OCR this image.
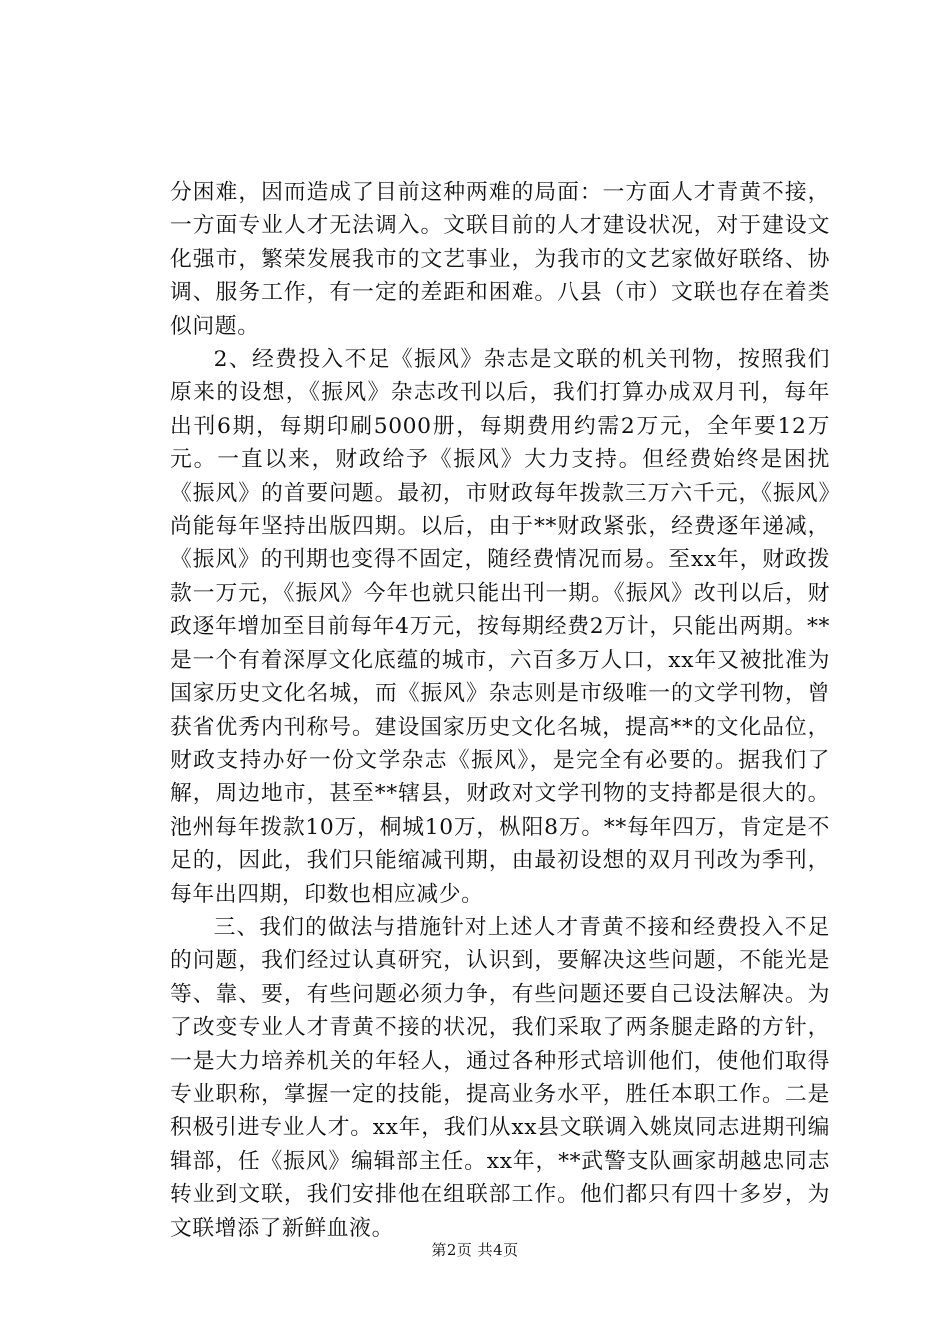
分困难，因而造成了目前这种两难的局面：一方面人才青黄不接，一方面专业人才无法调入。文联目前的人才建设状况，对于建设文化强市，繁荣发展我市的文艺事业，为我市的文艺家做好联络、协调、服务工作，有一定的差距和困难。八县（市）文联也存在着类似问题。

2、经费投入不足《振风》杂志是文联的机关刊物，按照我们原来的设想，《振风》杂志改刊以后，我们打算办成双月刊，每年出刊6期，每期印刷5000册，每期费用约需2万元，全年要12万元。一直以来，财政给予《振风》大力支持。但经费始终是困扰《振风》的首要问题。最初，市财政每年拨款三万六千元，《振风》尚能每年坚持出版四期。以后，由于**财政紧张，经费逐年递减，《振风》的刊期也变得不固定，随经费情况而易。至xx年，财政拨款一万元，《振风》今年也就只能出刊一期。《振风》改刊以后，财政逐年增加至目前每年4万元，按每期经费2万计，只能出两期。**是一个有着深厚文化底蕴的城市，六百多万人口，xx年又被批准为国家历史文化名城，而《振风》杂志则是市级唯一的文学刊物，曾获省优秀内刊称号。建设国家历史文化名城，提高**的文化品位，财政支持办好一份文学杂志《振风》，是完全有必要的。据我们了解，周边地市，甚至**辖县，财政对文学刊物的支持都是很大的。池州每年拨款10万，桐城10万，枞阳8万。**每年四万，肯定是不足的，因此，我们只能缩减刊期，由最初设想的双月刊改为季刊，每年出四期，印数也相应减少。

三、我们的做法与措施针对上述人才青黄不接和经费投入不足的问题，我们经过认真研究，认识到，要解决这些问题，不能光是等、靠、要，有些问题必须力争，有些问题还要自己设法解决。为了改变专业人才青黄不接的状况，我们采取了两条腿走路的方针，一是大力培养机关的年轻人，通过各种形式培训他们，使他们取得专业职称，掌握一定的技能，提高业务水平，胜任本职工作。二是积极引进专业人才。xx年，我们从xx县文联调入姚岚同志进期刊编辑部，任《振风》编辑部主任。xx年，**武警支队画家胡越忠同志转业到文联，我们安排他在组联部工作。他们都只有四十多岁，为文联增添了新鲜血液。

第2页 共4页
